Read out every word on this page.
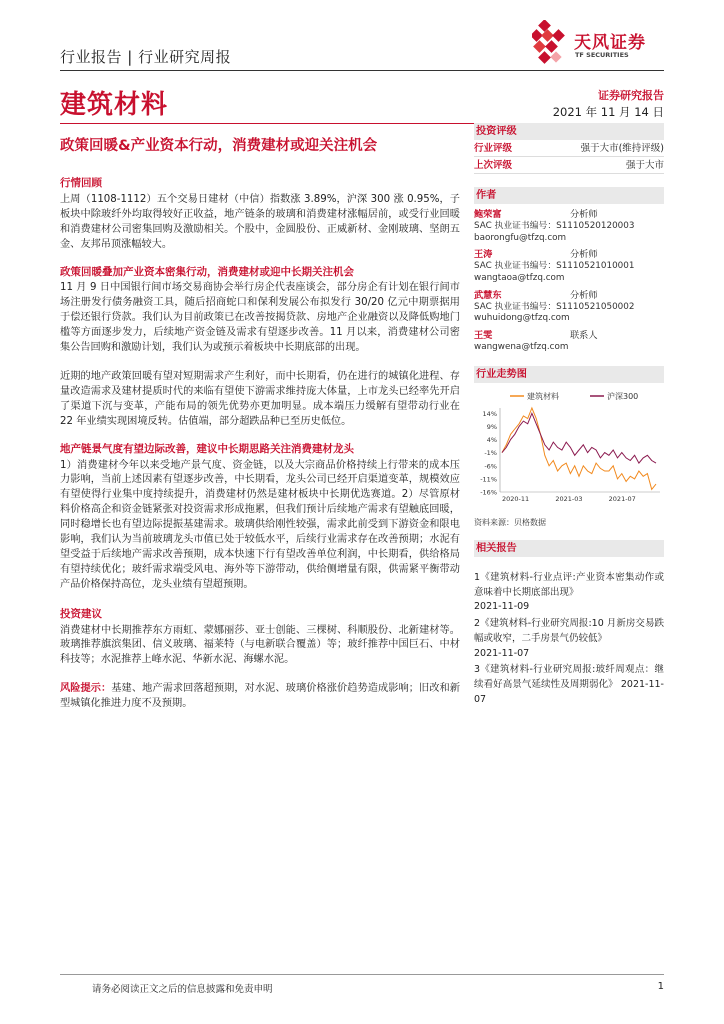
行业报告 | 行业研究周报
天风证券
TF SECURITIES
建筑材料	证券研究报告
2021 年 11 月 14 日
政策回暖&产业资本行动，消费建材或迎关注机会
行情回顾

上周（1108-1112）五个交易日建材（中信）指数涨 3.89%，沪深 300 涨 0.95%，子板块中除玻纤外均取得较好正收益，地产链条的玻璃和消费建材涨幅居前，或受行业回暖和消费建材公司密集回购及激励相关。个股中，金圆股份、正威新材、金刚玻璃、坚朗五金、友邦吊顶涨幅较大。

政策回暖叠加产业资本密集行动，消费建材或迎中长期关注机会

11 月 9 日中国银行间市场交易商协会举行房企代表座谈会，部分房企有计划在银行间市场注册发行债务融资工具，随后招商蛇口和保利发展公布拟发行 30/20 亿元中期票据用于偿还银行贷款。我们认为目前政策已在改善按揭贷款、房地产企业融资以及降低购地门槛等方面逐步发力，后续地产资金链及需求有望逐步改善。11 月以来，消费建材公司密集公告回购和激励计划，我们认为或预示着板块中长期底部的出现。

近期的地产政策回暖有望对短期需求产生利好，而中长期看，仍在进行的城镇化进程、存量改造需求及建材提质时代的来临有望使下游需求维持庞大体量，上市龙头已经率先开启了渠道下沉与变革，产能布局的领先优势亦更加明显。成本端压力缓解有望带动行业在 22 年业绩实现困境反转。估值端，部分超跌品种已至历史低位。

地产链景气度有望边际改善，建议中长期思路关注消费建材龙头

1）消费建材今年以来受地产景气度、资金链，以及大宗商品价格持续上行带来的成本压力影响，当前上述因素有望逐步改善，中长期看，龙头公司已经开启渠道变革，规模效应有望使得行业集中度持续提升，消费建材仍然是建材板块中长期优选赛道。2）尽管原材料价格高企和资金链紧张对投资需求形成拖累，但我们预计后续地产需求有望触底回暖，同时稳增长也有望边际提振基建需求。玻璃供给刚性较强，需求此前受到下游资金和限电影响，我们认为当前玻璃龙头市值已处于较低水平，后续行业需求存在改善预期；水泥有望受益于后续地产需求改善预期，成本快速下行有望改善单位利润，中长期看，供给格局有望持续优化；玻纤需求端受风电、海外等下游带动，供给侧增量有限，供需紧平衡带动产品价格保持高位，龙头业绩有望超预期。

投资建议

消费建材中长期推荐东方雨虹、蒙娜丽莎、亚士创能、三棵树、科顺股份、北新建材等。玻璃推荐旗滨集团、信义玻璃、福莱特（与电新联合覆盖）等；玻纤推荐中国巨石、中材科技等；水泥推荐上峰水泥、华新水泥、海螺水泥。

风险提示：基建、地产需求回落超预期，对水泥、玻璃价格涨价趋势造成影响；旧改和新型城镇化推进力度不及预期。

投资评级
行业评级	强于大市(维持评级)
上次评级	强于大市
作者
鲍荣富	分析师
SAC 执业证书编号：S1110520120003
baorongfu@tfzq.com
王涛	分析师
SAC 执业证书编号：S1110521010001
wangtaoa@tfzq.com
武慧东	分析师
SAC 执业证书编号：S1110521050002
wuhuidong@tfzq.com
王雯	联系人
wangwena@tfzq.com
行业走势图
建筑材料	沪深300
14%
9%
4%
-1%
-6%
-11%
-16%
2020-11	2021-03	2021-07
资料来源：贝格数据
相关报告
1《建筑材料-行业点评:产业资本密集动作或意味着中长期底部出现》
2021-11-09
2《建筑材料-行业研究周报:10 月新房交易跌幅或收窄，二手房景气仍较低》
2021-11-07
3《建筑材料-行业研究周报:玻纤周观点：继续看好高景气延续性及周期弱化》 2021-11-07
请务必阅读正文之后的信息披露和免责申明	1
